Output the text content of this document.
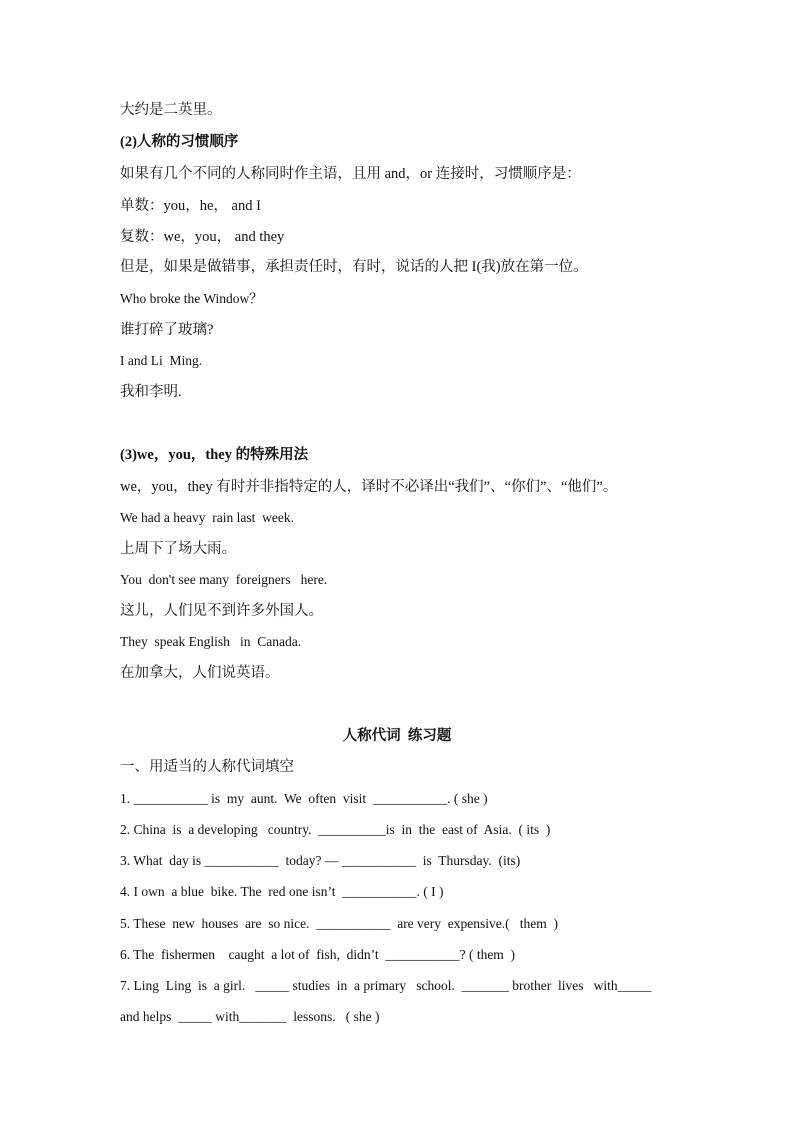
大约是二英里。
(2)人称的习惯顺序
如果有几个不同的人称同时作主语，且用 and，or 连接时，习惯顺序是：
单数：you，he， and I
复数：we，you， and they
但是，如果是做错事，承担责任时，有时，说话的人把 I(我)放在第一位。
Who broke the Window？
谁打碎了玻璃?
I and Li  Ming.
我和李明.
(3)we，you，they 的特殊用法
we，you，they 有时并非指特定的人，译时不必译出“我们”、“你们”、“他们”。
We had a heavy  rain last  week.
上周下了场大雨。
You  don't see many  foreigners   here.
这儿，人们见不到许多外国人。
They  speak English   in  Canada.
在加拿大，人们说英语。
人称代词  练习题
一、用适当的人称代词填空
1. ___________ is  my  aunt.  We  often  visit  ___________. ( she )
2. China  is  a developing   country.  __________is  in  the  east of  Asia.  ( its  )
3. What  day is ___________  today? — ___________  is  Thursday.  (its)
4. I own  a blue  bike. The  red one isn’t  ___________. ( I )
5. These  new  houses  are  so nice.  ___________  are very  expensive.(   them  )
6. The  fishermen    caught  a lot of  fish,  didn’t  ___________? ( them  )
7. Ling  Ling  is  a girl.   _____ studies  in  a primary   school.  _______ brother  lives   with_____
and helps  _____ with_______  lessons.   ( she )
